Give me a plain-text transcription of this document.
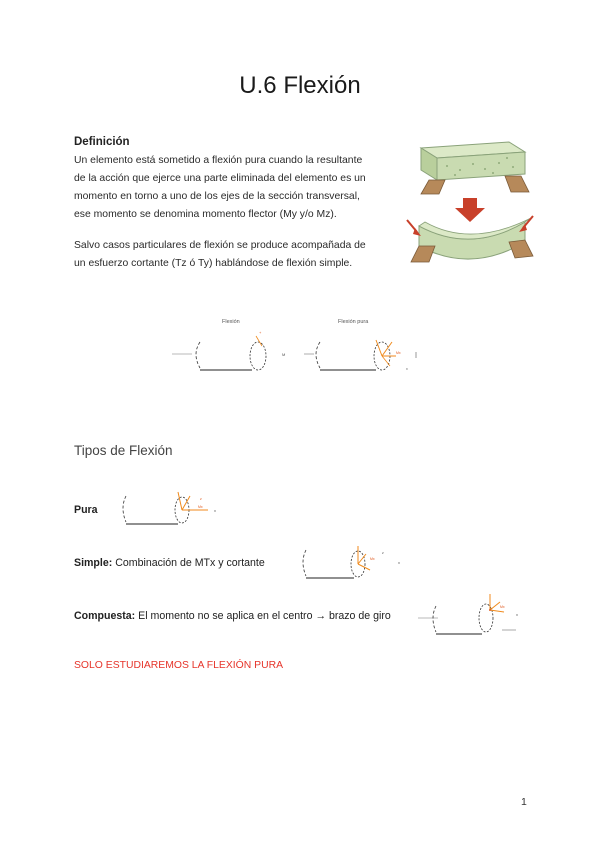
U.6 Flexión
Definición
Un elemento está sometido a flexión pura cuando la resultante
de la acción que ejerce una parte eliminada del elemento es un
momento en torno a uno de los ejes de la sección transversal,
ese momento se denomina momento flector (My y/o Mz).
Salvo casos particulares de flexión se produce acompañada de
un esfuerzo cortante (Tz ó Ty) hablándose de flexión simple.
Flexión	Flexión pura
+
M	Mx
x
Tipos de Flexión
Pura	Mx
z
x
Simple: Combinación de MTx y cortante	Mx
z
x
Compuesta: El momento no se aplica en el centro → brazo de giro
Mx
x
SOLO ESTUDIAREMOS LA FLEXIÓN PURA
1
